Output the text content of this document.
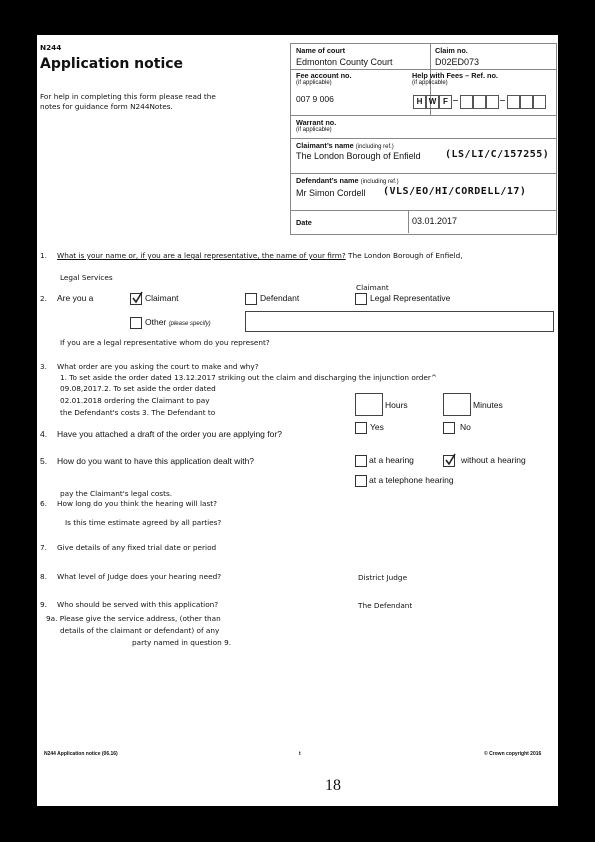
N244
Application notice
For help in completing this form please read the
notes for guidance form N244Notes.
Name of court
Edmonton County Court
Claim no.
D02ED073
Fee account no.
(if applicable)
007 9 006
Help with Fees – Ref. no.
(if applicable)
H W F
Warrant no.
(if applicable)
Claimant’s name (including ref.)
The London Borough of Enfield (LS/LI/C/157255)
Defendant’s name (including ref.)
Mr Simon Cordell (VLS/EO/HI/CORDELL/17)
Date	03.01.2017
1. What is your name or, if you are a legal representative, the name of your firm? The London Borough of Enfield,
Legal Services
2. Are you a	Claimant	Defendant
Claimant
Legal Representative
Other (please specify)
If you are a legal representative whom do you represent?
3. What order are you asking the court to make and why?
1. To set aside the order dated 13.12.2017 striking out the claim and discharging the injunction order^
09.08,2017.2. To set aside the order dated
02.01.2018 ordering the Claimant to pay
the Defendant's costs 3. The Defendant to
Hours	Minutes
4. Have you attached a draft of the order you are applying for?
Yes	No
5. How do you want to have this application dealt with?	at a hearing	without a hearing
at a telephone hearing
pay the Claimant's legal costs.
6. How long do you think the hearing will last?
Is this time estimate agreed by all parties?
7. Give details of any fixed trial date or period
8. What level of Judge does your hearing need?	District Judge
9. Who should be served with this application?	The Defendant
9a. Please give the service address, (other than
details of the claimant or defendant) of any
party named in question 9.
N244 Application notice (06.16)	t	© Crown copyright 2016
18
